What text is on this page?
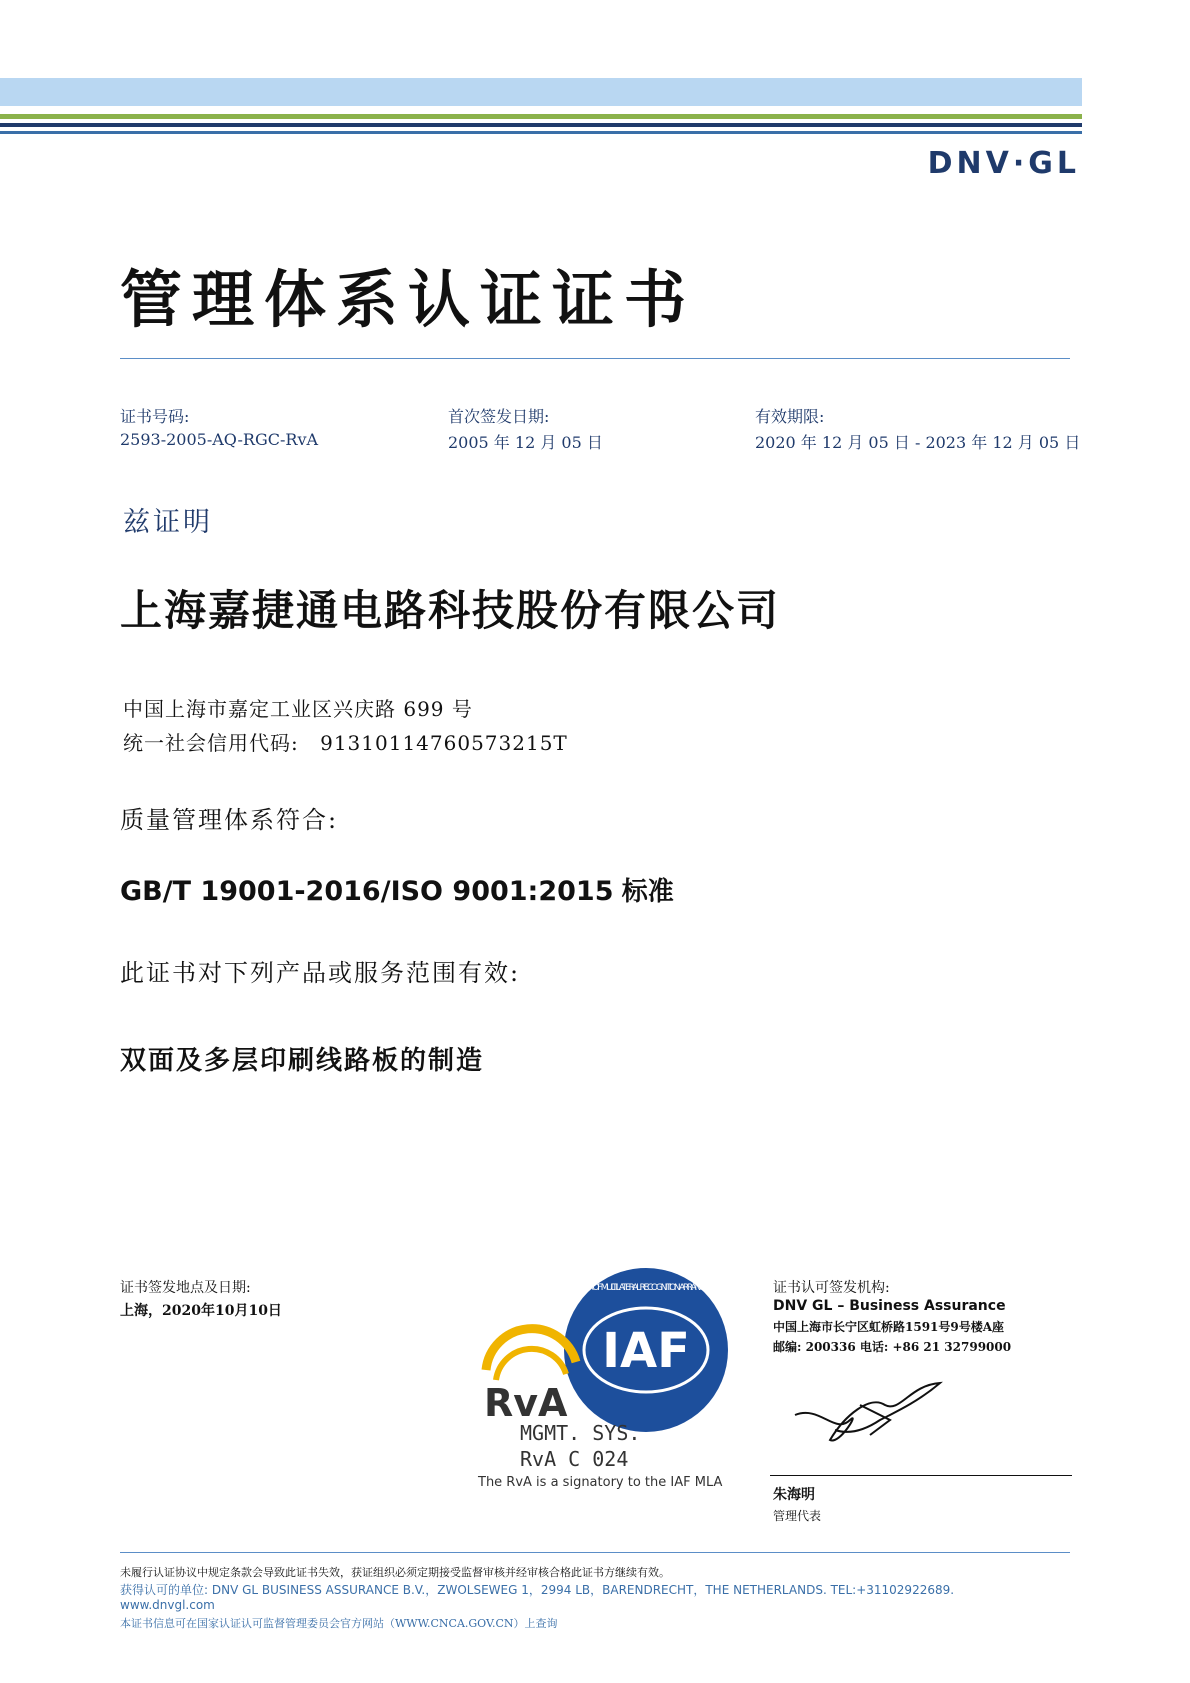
DNV·GL
管理体系认证证书
证书号码:
2593-2005-AQ-RGC-RvA
首次签发日期:
2005 年 12 月 05 日
有效期限:
2020 年 12 月 05 日 - 2023 年 12 月 05 日
兹证明
上海嘉捷通电路科技股份有限公司
中国上海市嘉定工业区兴庆路 699 号
统一社会信用代码: 91310114760573215T
质量管理体系符合:
GB/T 19001-2016/ISO 9001:2015 标准
此证书对下列产品或服务范围有效:
双面及多层印刷线路板的制造
证书签发地点及日期:
上海，2020年10月10日
IAF
MEMBER OF MULTILATERAL RECOGNITION ARRANGEMENT
RvA
MGMT. SYS.
RvA C 024
The RvA is a signatory to the IAF MLA
证书认可签发机构:
DNV GL – Business Assurance
中国上海市长宁区虹桥路1591号9号楼A座
邮编: 200336 电话: +86 21 32799000
朱海明
管理代表
未履行认证协议中规定条款会导致此证书失效，获证组织必须定期接受监督审核并经审核合格此证书方继续有效。
获得认可的单位: DNV GL BUSINESS ASSURANCE B.V.，ZWOLSEWEG 1，2994 LB，BARENDRECHT，THE NETHERLANDS. TEL:+31102922689.
www.dnvgl.com
本证书信息可在国家认证认可监督管理委员会官方网站（WWW.CNCA.GOV.CN）上查询
